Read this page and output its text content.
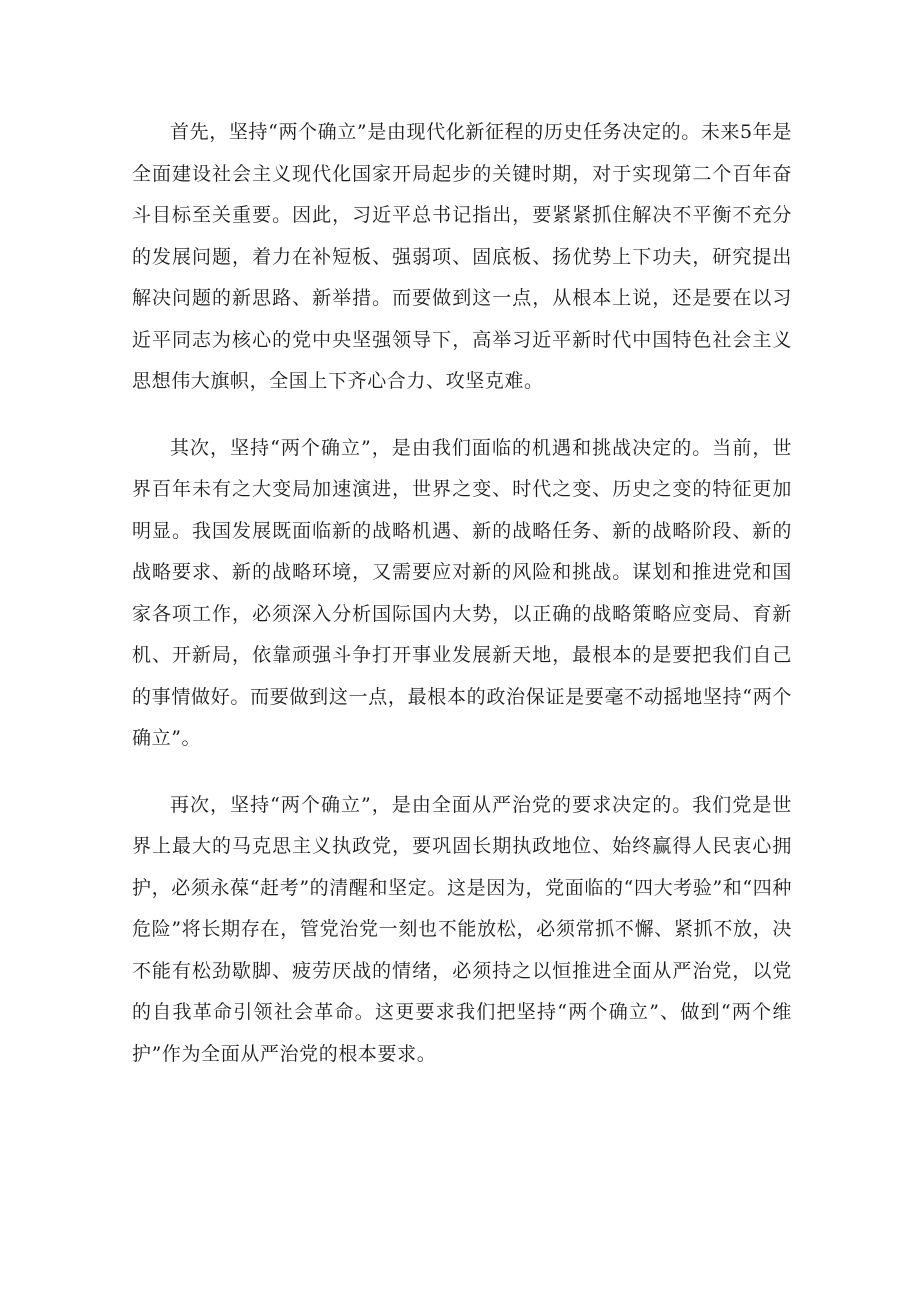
首先，坚持“两个确立”是由现代化新征程的历史任务决定的。未来5年是全面建设社会主义现代化国家开局起步的关键时期，对于实现第二个百年奋斗目标至关重要。因此，习近平总书记指出，要紧紧抓住解决不平衡不充分的发展问题，着力在补短板、强弱项、固底板、扬优势上下功夫，研究提出解决问题的新思路、新举措。而要做到这一点，从根本上说，还是要在以习近平同志为核心的党中央坚强领导下，高举习近平新时代中国特色社会主义思想伟大旗帜，全国上下齐心合力、攻坚克难。

其次，坚持“两个确立”，是由我们面临的机遇和挑战决定的。当前，世界百年未有之大变局加速演进，世界之变、时代之变、历史之变的特征更加明显。我国发展既面临新的战略机遇、新的战略任务、新的战略阶段、新的战略要求、新的战略环境，又需要应对新的风险和挑战。谋划和推进党和国家各项工作，必须深入分析国际国内大势，以正确的战略策略应变局、育新机、开新局，依靠顽强斗争打开事业发展新天地，最根本的是要把我们自己的事情做好。而要做到这一点，最根本的政治保证是要毫不动摇地坚持“两个确立”。

再次，坚持“两个确立”，是由全面从严治党的要求决定的。我们党是世界上最大的马克思主义执政党，要巩固长期执政地位、始终赢得人民衷心拥护，必须永葆“赶考”的清醒和坚定。这是因为，党面临的“四大考验”和“四种危险”将长期存在，管党治党一刻也不能放松，必须常抓不懈、紧抓不放，决不能有松劲歇脚、疲劳厌战的情绪，必须持之以恒推进全面从严治党，以党的自我革命引领社会革命。这更要求我们把坚持“两个确立”、做到“两个维护”作为全面从严治党的根本要求。
